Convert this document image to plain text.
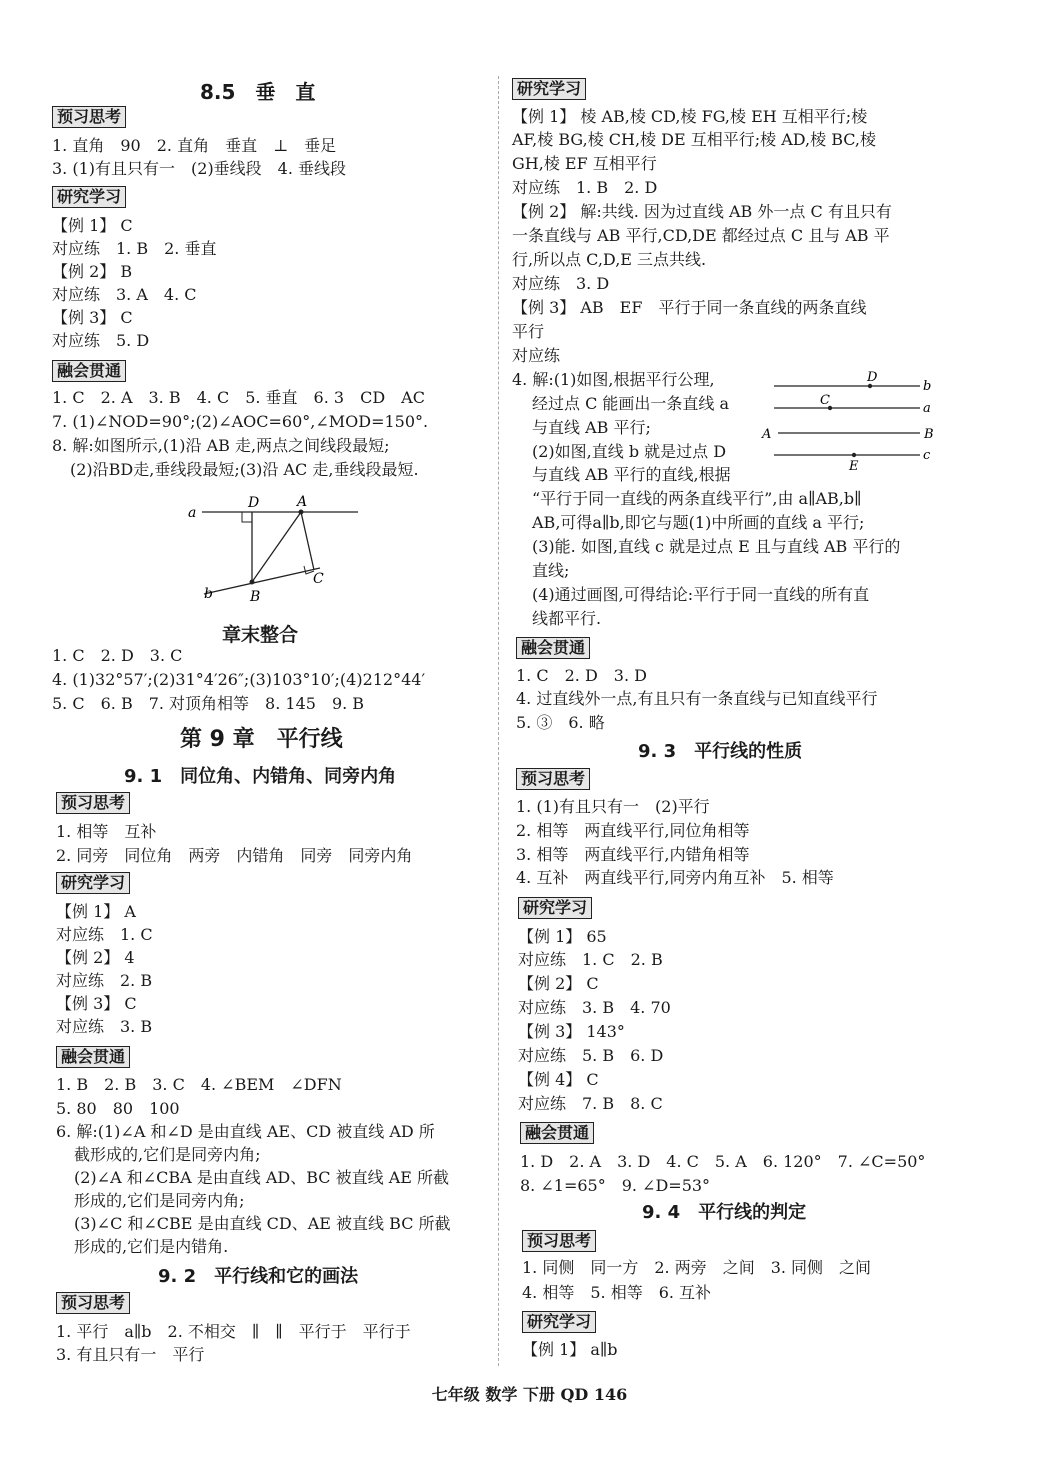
8.5　垂　直
预习思考
1. 直角　90　2. 直角　垂直　⊥　垂足
3. (1)有且只有一　(2)垂线段　4. 垂线段
研究学习
【例 1】 C
对应练　1. B　2. 垂直
【例 2】 B
对应练　3. A　4. C
【例 3】 C
对应练　5. D
融会贯通
1. C　2. A　3. B　4. C　5. 垂直　6. 3　CD　AC
7. (1)∠NOD=90°;(2)∠AOC=60°,∠MOD=150°.
8. 解:如图所示,(1)沿 AB 走,两点之间线段最短;
(2)沿BD走,垂线段最短;(3)沿 AC 走,垂线段最短.
a
D	A
C
B
b
章末整合
1. C　2. D　3. C
4. (1)32°57′;(2)31°4′26″;(3)103°10′;(4)212°44′
5. C　6. B　7. 对顶角相等　8. 145　9. B
第 9 章　平行线
9. 1　同位角、内错角、同旁内角
预习思考
1. 相等　互补
2. 同旁　同位角　两旁　内错角　同旁　同旁内角
研究学习
【例 1】 A
对应练　1. C
【例 2】 4
对应练　2. B
【例 3】 C
对应练　3. B
融会贯通
1. B　2. B　3. C　4. ∠BEM　∠DFN
5. 80　80　100
6. 解:(1)∠A 和∠D 是由直线 AE、CD 被直线 AD 所
截形成的,它们是同旁内角;
(2)∠A 和∠CBA 是由直线 AD、BC 被直线 AE 所截
形成的,它们是同旁内角;
(3)∠C 和∠CBE 是由直线 CD、AE 被直线 BC 所截
形成的,它们是内错角.
9. 2　平行线和它的画法
预习思考
1. 平行　a∥b　2. 不相交　∥　∥　平行于　平行于
3. 有且只有一　平行
研究学习
【例 1】 棱 AB,棱 CD,棱 FG,棱 EH 互相平行;棱
AF,棱 BG,棱 CH,棱 DE 互相平行;棱 AD,棱 BC,棱
GH,棱 EF 互相平行
对应练　1. B　2. D
【例 2】 解:共线. 因为过直线 AB 外一点 C 有且只有
一条直线与 AB 平行,CD,DE 都经过点 C 且与 AB 平
行,所以点 C,D,E 三点共线.
对应练　3. D
【例 3】 AB　EF　平行于同一条直线的两条直线
平行
对应练
4. 解:(1)如图,根据平行公理,
经过点 C 能画出一条直线 a
与直线 AB 平行;
(2)如图,直线 b 就是过点 D
与直线 AB 平行的直线,根据
D
b
C
a
A	B
c
E
“平行于同一直线的两条直线平行”,由 a∥AB,b∥
AB,可得a∥b,即它与题(1)中所画的直线 a 平行;
(3)能. 如图,直线 c 就是过点 E 且与直线 AB 平行的
直线;
(4)通过画图,可得结论:平行于同一直线的所有直
线都平行.
融会贯通
1. C　2. D　3. D
4. 过直线外一点,有且只有一条直线与已知直线平行
5. ③　6. 略
9. 3　平行线的性质
预习思考
1. (1)有且只有一　(2)平行
2. 相等　两直线平行,同位角相等
3. 相等　两直线平行,内错角相等
4. 互补　两直线平行,同旁内角互补　5. 相等
研究学习
【例 1】 65
对应练　1. C　2. B
【例 2】 C
对应练　3. B　4. 70
【例 3】 143°
对应练　5. B　6. D
【例 4】 C
对应练　7. B　8. C
融会贯通
1. D　2. A　3. D　4. C　5. A　6. 120°　7. ∠C=50°
8. ∠1=65°　9. ∠D=53°
9. 4　平行线的判定
预习思考
1. 同侧　同一方　2. 两旁　之间　3. 同侧　之间
4. 相等　5. 相等　6. 互补
研究学习
【例 1】 a∥b
七年级 数学 下册 QD 146
